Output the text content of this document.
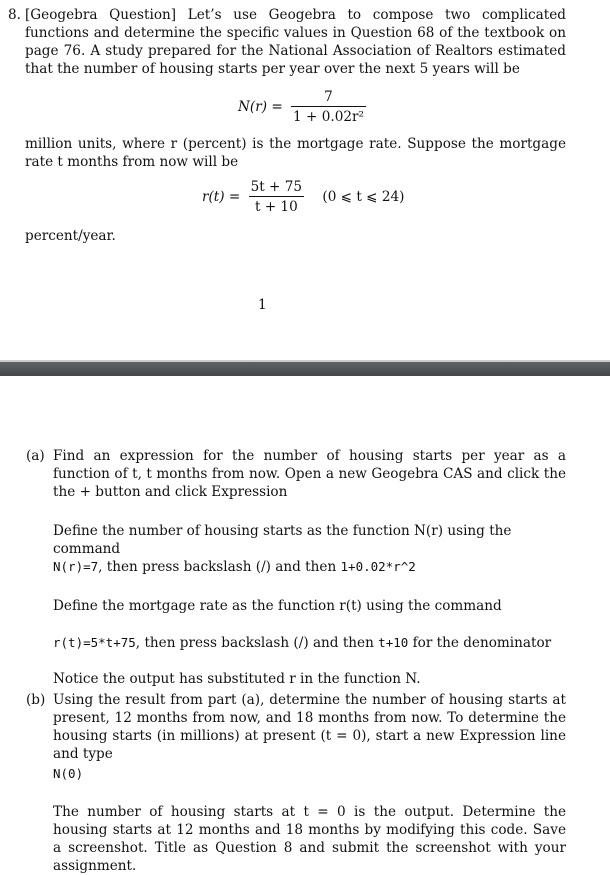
8. [Geogebra Question] Let’s use Geogebra to compose two complicated functions and determine the specific values in Question 68 of the textbook on page 76. A study prepared for the National Association of Realtors estimated that the number of housing starts per year over the next 5 years will be
$N(r) = \frac{7}{\text{1 + 0.02r²}}$
million units, where r (percent) is the mortgage rate. Suppose the mortgage rate t months from now will be
$r(t) = \frac{5t + 75}{t + 10} (0$ ⩽ t ⩽ 24)
percent/year.
1
(a) Find an expression for the number of housing starts per year as a function of t, t months from now. Open a new Geogebra CAS and click the the + button and click Expression
Define the number of housing starts as the function N(r) using the command
N(r)=7, then press backslash (/) and then 1+0.02*r^2
Define the mortgage rate as the function r(t) using the command
r(t)=5*t+75, then press backslash (/) and then t+10 for the denominator
Notice the output has substituted r in the function N.
(b) Using the result from part (a), determine the number of housing starts at present, 12 months from now, and 18 months from now. To determine the housing starts (in millions) at present (t = 0), start a new Expression line and type
N(0)
The number of housing starts at t = 0 is the output. Determine the housing starts at 12 months and 18 months by modifying this code. Save a screenshot. Title as Question 8 and submit the screenshot with your assignment.
